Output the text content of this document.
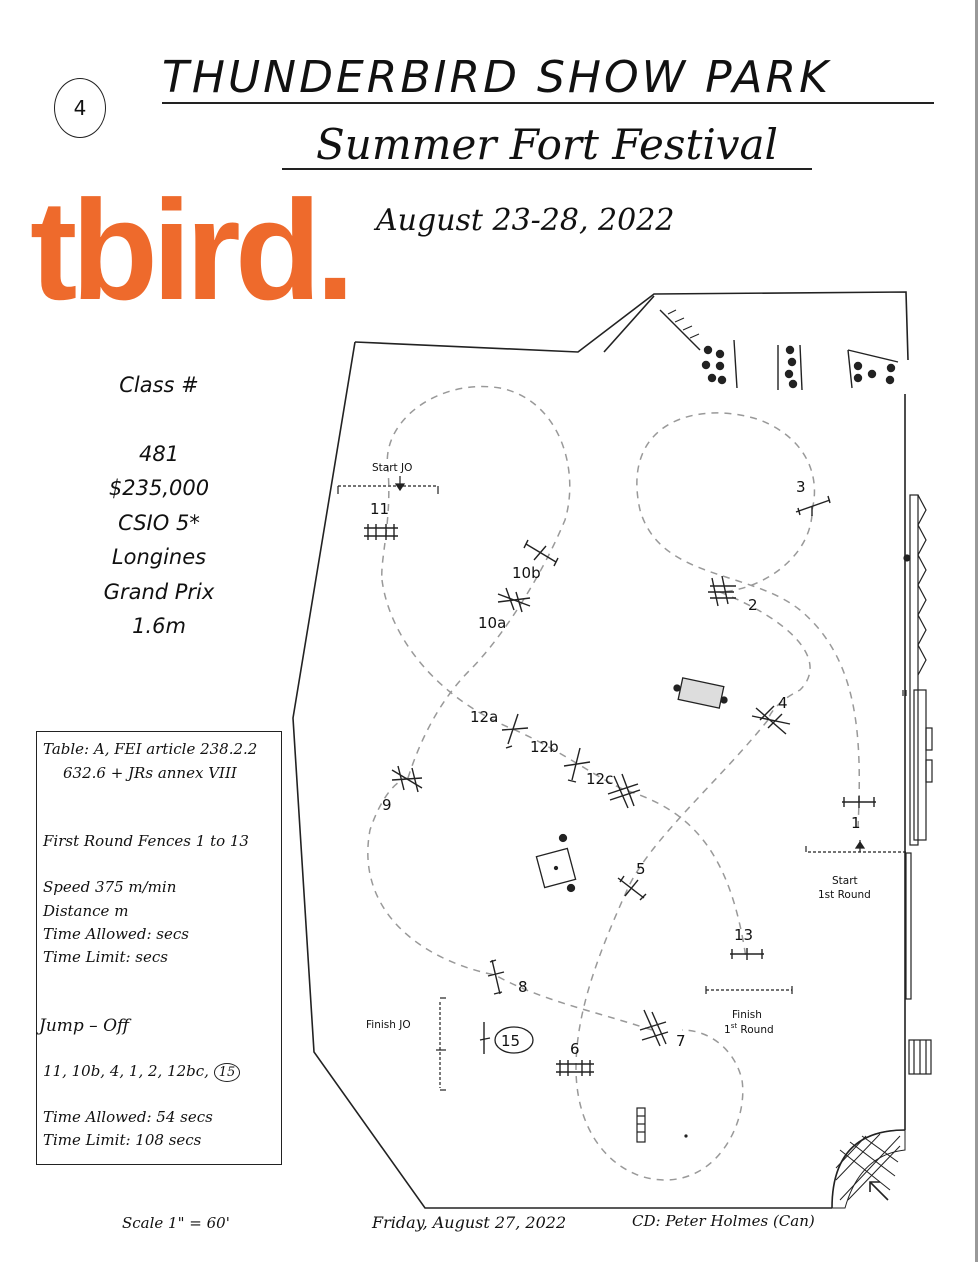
4
THUNDERBIRD SHOW PARK
Summer Fort Festival
August 23-28, 2022
tbird.
Class #
481
$235,000
CSIO 5*
Longines
Grand Prix
1.6m
Table: A, FEI article 238.2.2
632.6 + JRs annex VIII
First Round Fences 1 to 13
Speed 375 m/min
Distance m
Time Allowed: secs
Time Limit: secs
Jump – Off
11, 10b, 4, 1, 2, 12bc, 15
Time Allowed: 54 secs
Time Limit: 108 secs
1
2
3
4
5
6	7
8
9
10a
10b
11
12a
12b
12c
13
15
Start JO
Finish JO
Start
1st Round
Finish
1st Round
Scale 1" = 60'	Friday, August 27, 2022	CD: Peter Holmes (Can)
